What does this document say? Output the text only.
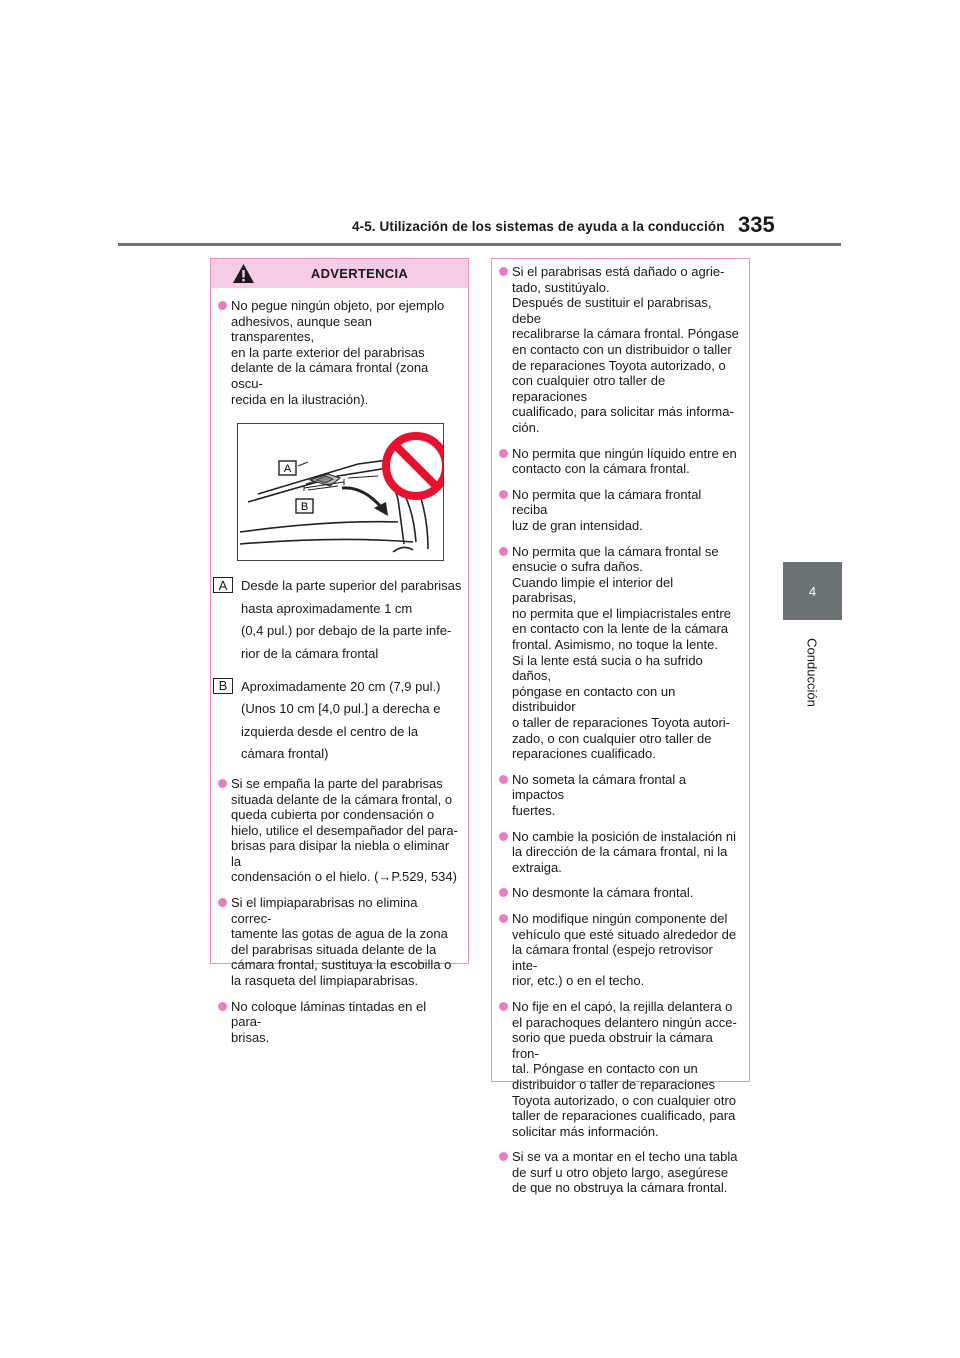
4-5. Utilización de los sistemas de ayuda a la conducción 335
4
Conducción
ADVERTENCIA
No pegue ningún objeto, por ejemplo
adhesivos, aunque sean transparentes,
en la parte exterior del parabrisas
delante de la cámara frontal (zona oscu-
recida en la ilustración).
A
B
A	Desde la parte superior del parabrisas
hasta aproximadamente 1 cm
(0,4 pul.) por debajo de la parte infe-
rior de la cámara frontal
B	Aproximadamente 20 cm (7,9 pul.)
(Unos 10 cm [4,0 pul.] a derecha e
izquierda desde el centro de la
cámara frontal)
Si se empaña la parte del parabrisas
situada delante de la cámara frontal, o
queda cubierta por condensación o
hielo, utilice el desempañador del para-
brisas para disipar la niebla o eliminar la
condensación o el hielo. (→P.529, 534)
Si el limpiaparabrisas no elimina correc-
tamente las gotas de agua de la zona
del parabrisas situada delante de la
cámara frontal, sustituya la escobilla o
la rasqueta del limpiaparabrisas.
No coloque láminas tintadas en el para-
brisas.
Si el parabrisas está dañado o agrie-
tado, sustitúyalo.
Después de sustituir el parabrisas, debe
recalibrarse la cámara frontal. Póngase
en contacto con un distribuidor o taller
de reparaciones Toyota autorizado, o
con cualquier otro taller de reparaciones
cualificado, para solicitar más informa-
ción.
No permita que ningún líquido entre en
contacto con la cámara frontal.
No permita que la cámara frontal reciba
luz de gran intensidad.
No permita que la cámara frontal se
ensucie o sufra daños.
Cuando limpie el interior del parabrisas,
no permita que el limpiacristales entre
en contacto con la lente de la cámara
frontal. Asimismo, no toque la lente.
Si la lente está sucia o ha sufrido daños,
póngase en contacto con un distribuidor
o taller de reparaciones Toyota autori-
zado, o con cualquier otro taller de
reparaciones cualificado.
No someta la cámara frontal a impactos
fuertes.
No cambie la posición de instalación ni
la dirección de la cámara frontal, ni la
extraiga.
No desmonte la cámara frontal.
No modifique ningún componente del
vehículo que esté situado alrededor de
la cámara frontal (espejo retrovisor inte-
rior, etc.) o en el techo.
No fije en el capó, la rejilla delantera o
el parachoques delantero ningún acce-
sorio que pueda obstruir la cámara fron-
tal. Póngase en contacto con un
distribuidor o taller de reparaciones
Toyota autorizado, o con cualquier otro
taller de reparaciones cualificado, para
solicitar más información.
Si se va a montar en el techo una tabla
de surf u otro objeto largo, asegúrese
de que no obstruya la cámara frontal.
